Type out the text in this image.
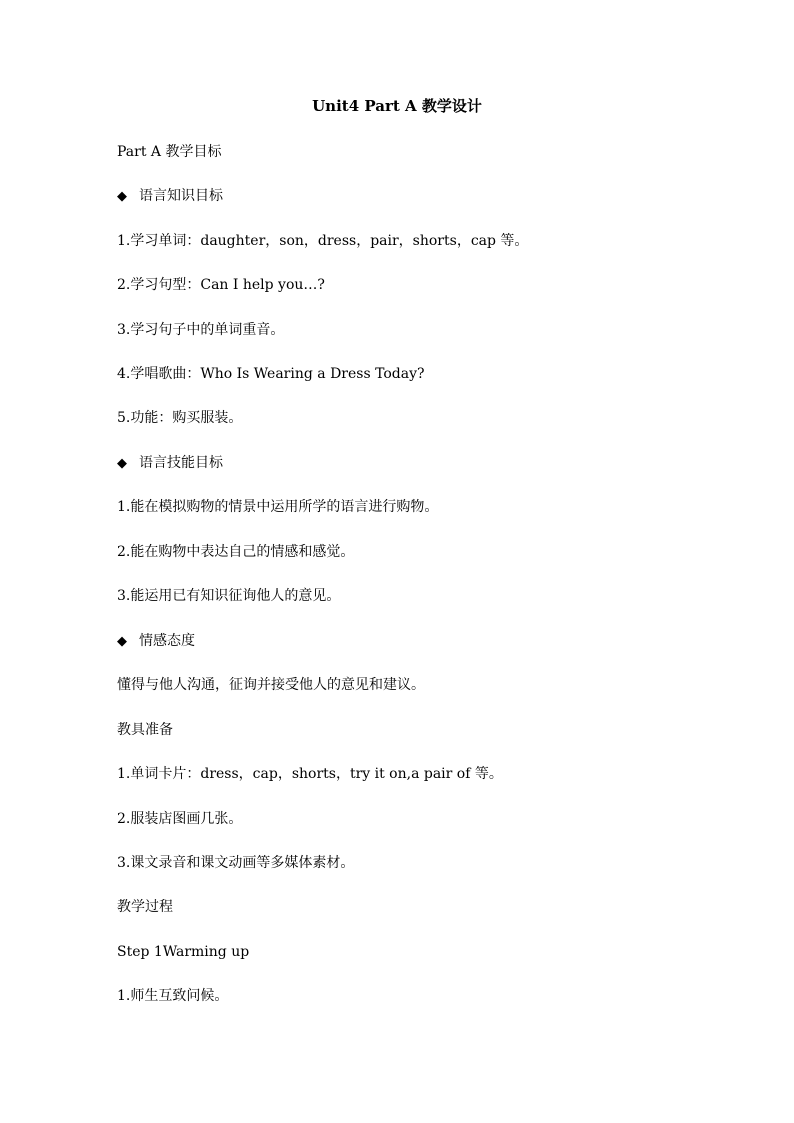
Unit4 Part A 教学设计
Part A 教学目标
◆ 语言知识目标
1.学习单词：daughter，son，dress，pair，shorts，cap 等。
2.学习句型：Can I help you…?
3.学习句子中的单词重音。
4.学唱歌曲：Who Is Wearing a Dress Today?
5.功能：购买服装。
◆ 语言技能目标
1.能在模拟购物的情景中运用所学的语言进行购物。
2.能在购物中表达自己的情感和感觉。
3.能运用已有知识征询他人的意见。
◆ 情感态度
懂得与他人沟通，征询并接受他人的意见和建议。
教具准备
1.单词卡片：dress，cap，shorts，try it on,a pair of 等。
2.服装店图画几张。
3.课文录音和课文动画等多媒体素材。
教学过程
Step 1Warming up
1.师生互致问候。
